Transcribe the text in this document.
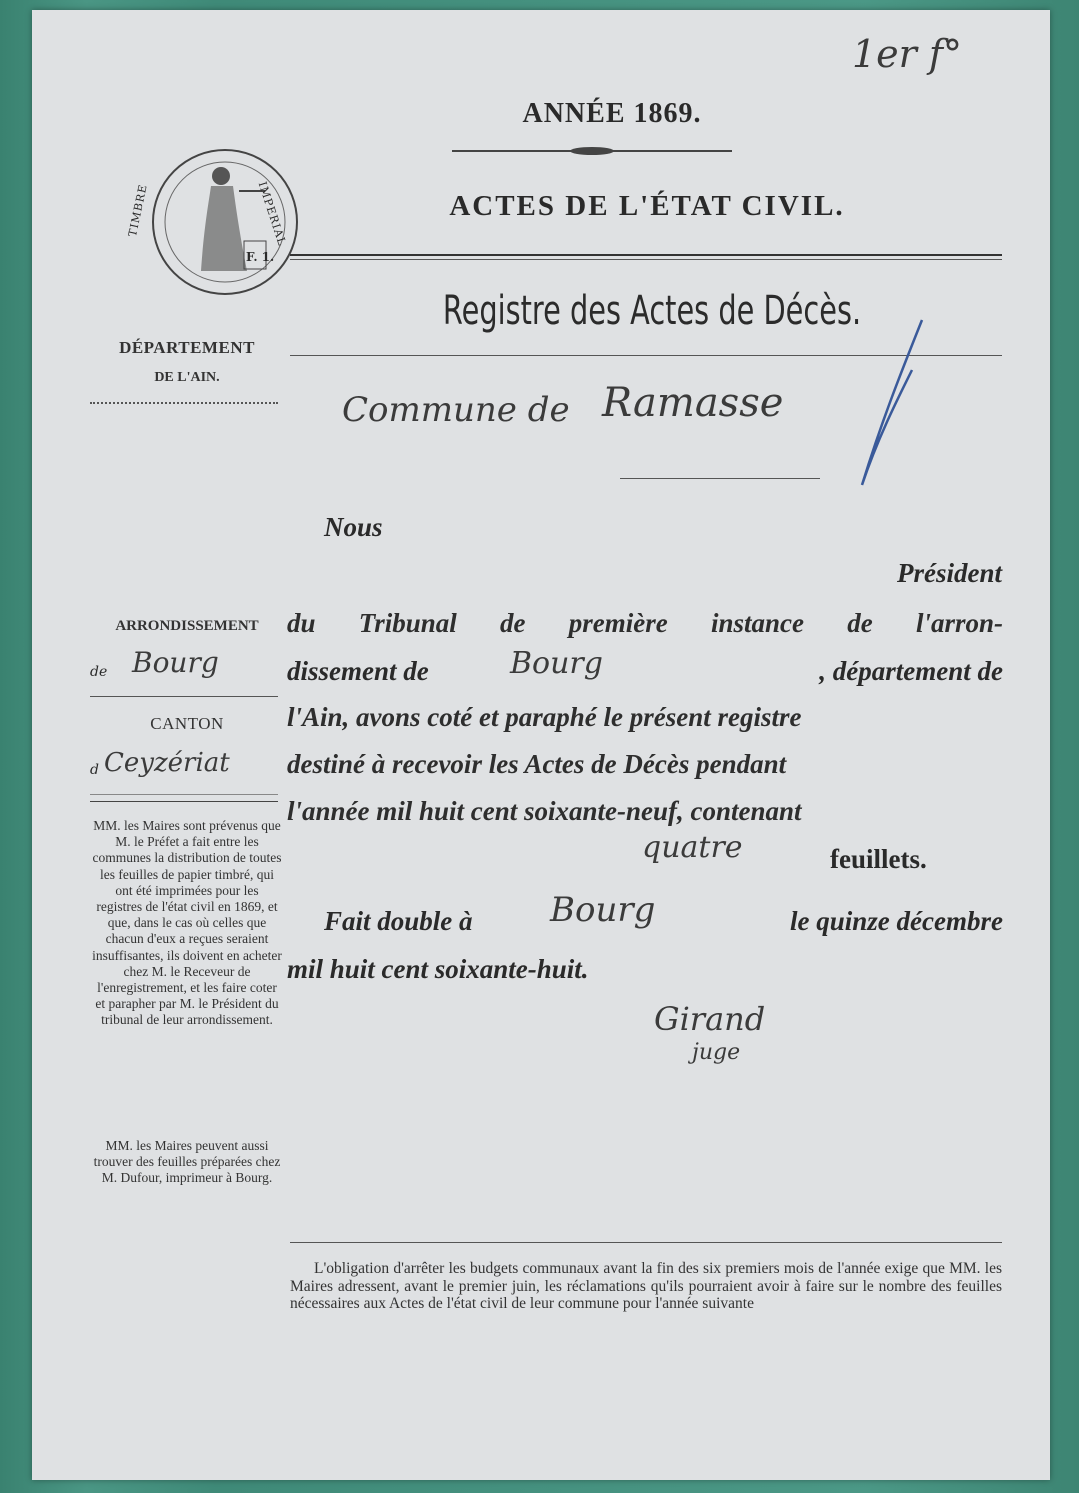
1er f°
ANNÉE 1869.
ACTES DE L'ÉTAT CIVIL.
Registre des Actes de Décès.
Commune de Ramasse
TIMBRE	IMPERIAL
F. 1.
DÉPARTEMENT
DE L'AIN.
ARRONDISSEMENT
de Bourg
CANTON
d Ceyzériat
MM. les Maires sont prévenus que M. le Préfet a fait entre les communes la distribution de toutes les feuilles de papier timbré, qui ont été imprimées pour les registres de l'état civil en 1869, et que, dans le cas où celles que chacun d'eux a reçues seraient insuffisantes, ils doivent en acheter chez M. le Receveur de l'enregistrement, et les faire coter et parapher par M. le Président du tribunal de leur arrondissement.
MM. les Maires peuvent aussi trouver des feuilles préparées chez M. Dufour, imprimeur à Bourg.
Nous
Président
du Tribunal de première instance de l'arron-
dissement de	Bourg	, département de
l'Ain, avons coté et paraphé le présent registre
destiné à recevoir les Actes de Décès pendant
l'année mil huit cent soixante-neuf, contenant
quatre	feuillets.
Fait double à Bourg	le quinze décembre
mil huit cent soixante-huit.
Girand
juge
L'obligation d'arrêter les budgets communaux avant la fin des six premiers mois de l'année exige que MM. les Maires adressent, avant le premier juin, les réclamations qu'ils pourraient avoir à faire sur le nombre des feuilles nécessaires aux Actes de l'état civil de leur commune pour l'année suivante
